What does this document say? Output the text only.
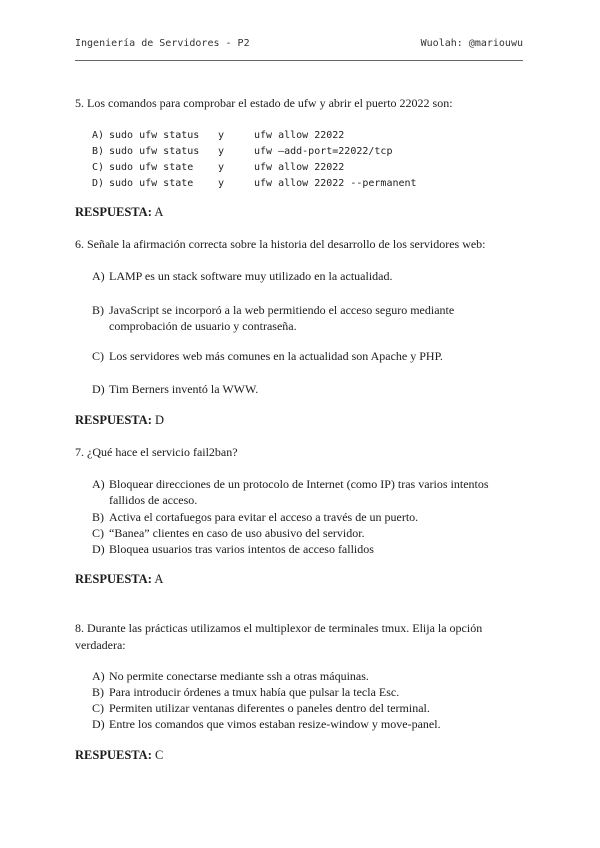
Ingeniería de Servidores - P2	Wuolah: @mariouwu
5. Los comandos para comprobar el estado de ufw y abrir el puerto 22022 son:
A) sudo ufw status y	ufw allow 22022
B) sudo ufw status y	ufw –add-port=22022/tcp
C) sudo ufw state y	ufw allow 22022
D) sudo ufw state y	ufw allow 22022 --permanent
RESPUESTA: A
6. Señale la afirmación correcta sobre la historia del desarrollo de los servidores web:
A) LAMP es un stack software muy utilizado en la actualidad.
B) JavaScript se incorporó a la web permitiendo el acceso seguro mediante comprobación de usuario y contraseña.
C) Los servidores web más comunes en la actualidad son Apache y PHP.
D) Tim Berners inventó la WWW.
RESPUESTA: D
7. ¿Qué hace el servicio fail2ban?
A) Bloquear direcciones de un protocolo de Internet (como IP) tras varios intentos fallidos de acceso.
B) Activa el cortafuegos para evitar el acceso a través de un puerto.
C) “Banea” clientes en caso de uso abusivo del servidor.
D) Bloquea usuarios tras varios intentos de acceso fallidos
RESPUESTA: A
8. Durante las prácticas utilizamos el multiplexor de terminales tmux. Elija la opción verdadera:
A) No permite conectarse mediante ssh a otras máquinas.
B) Para introducir órdenes a tmux había que pulsar la tecla Esc.
C) Permiten utilizar ventanas diferentes o paneles dentro del terminal.
D) Entre los comandos que vimos estaban resize-window y move-panel.
RESPUESTA: C
